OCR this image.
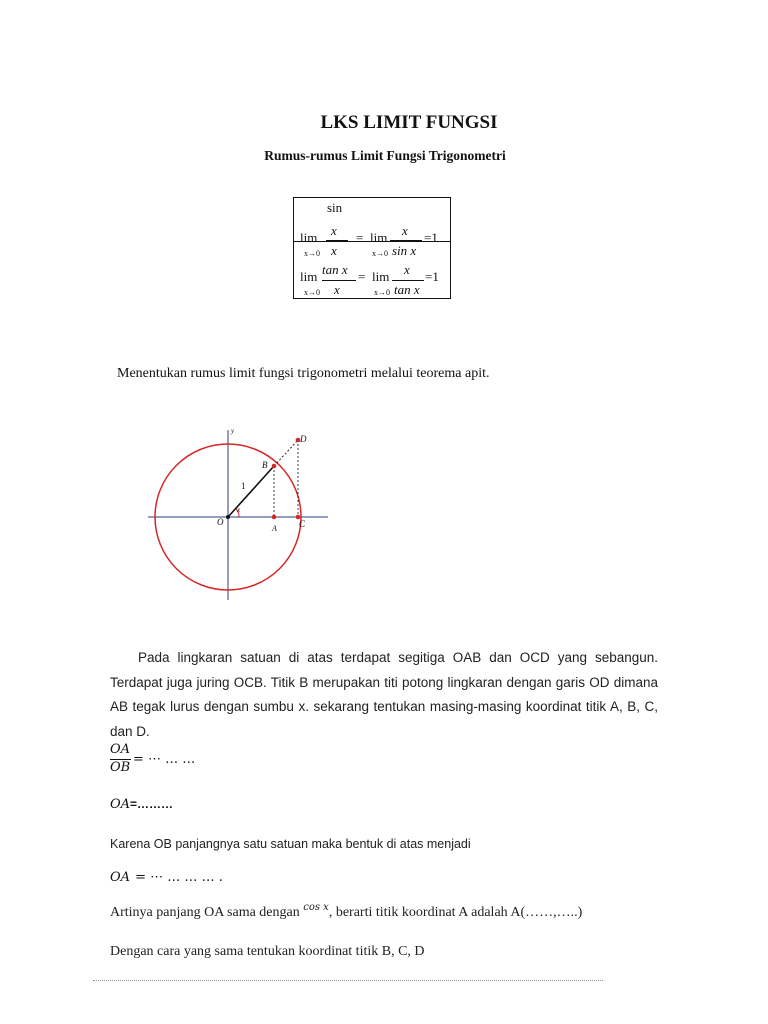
LKS LIMIT FUNGSI
Rumus-rumus Limit Fungsi Trigonometri
sin
lim
x→0
x
x
= lim
x→0
x
sin x
=1
lim
x→0
tan x
x
= lim
x→0
x
tan x
=1
Menentukan rumus limit fungsi trigonometri melalui teorema apit.
y
D
B
1
x
O
A C
Pada lingkaran satuan di atas terdapat segitiga OAB dan OCD yang sebangun. Terdapat juga juring OCB. Titik B merupakan titi potong lingkaran dengan garis OD dimana AB tegak lurus dengan sumbu x. sekarang tentukan masing-masing koordinat titik A, B, C, dan D.
OA
OB
= ⋯ … …
OA=………
Karena OB panjangnya satu satuan maka bentuk di atas menjadi
OA = ⋯ … … … .
Artinya panjang OA sama dengan $^{cos x}$, berarti titik koordinat A adalah A(……,…..)
Dengan cara yang sama tentukan koordinat titik B, C, D
